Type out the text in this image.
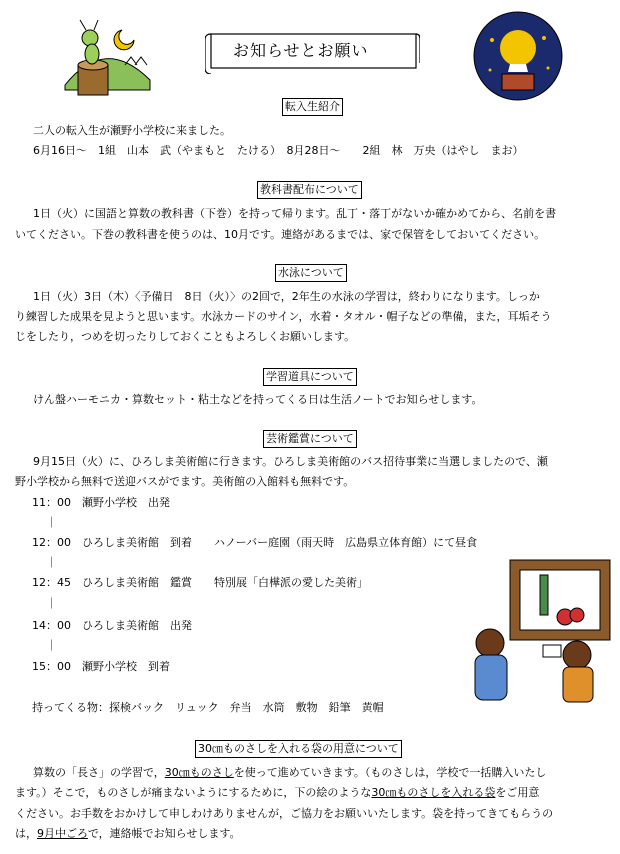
お知らせとお願い
転入生紹介
二人の転入生が瀬野小学校に来ました。
6月16日～　1組　山本　武（やまもと　たける）　8月28日～　　2組　林　万央（はやし　まお）
教科書配布について
1日（火）に国語と算数の教科書（下巻）を持って帰ります。乱丁・落丁がないか確かめてから、名前を書
いてください。下巻の教科書を使うのは、10月です。連絡があるまでは、家で保管をしておいてください。
水泳について
1日（火）3日（木）〈予備日　8日（火）〉の2回で，2年生の水泳の学習は，終わりになります。しっか
り練習した成果を見ようと思います。水泳カードのサイン，水着・タオル・帽子などの準備，また，耳垢そう
じをしたり，つめを切ったりしておくこともよろしくお願いします。
学習道具について
けん盤ハーモニカ・算数セット・粘土などを持ってくる日は生活ノートでお知らせします。
芸術鑑賞について
9月15日（火）に、ひろしま美術館に行きます。ひろしま美術館のバス招待事業に当選しましたので、瀬
野小学校から無料で送迎バスがでます。美術館の入館料も無料です。
11：00　瀬野小学校　出発
｜
12：00　ひろしま美術館　到着　　ハノーバー庭園（雨天時　広島県立体育館）にて昼食
｜
12：45　ひろしま美術館　鑑賞　　特別展「白樺派の愛した美術」
｜
14：00　ひろしま美術館　出発
｜
15：00　瀬野小学校　到着
持ってくる物：探検バック　リュック　弁当　水筒　敷物　鉛筆　黄帽
30㎝ものさしを入れる袋の用意について
算数の「長さ」の学習で，30㎝ものさしを使って進めていきます。（ものさしは，学校で一括購入いたし
ます。）そこで，ものさしが痛まないようにするために，下の絵のような30㎝ものさしを入れる袋をご用意
ください。お手数をおかけして申しわけありませんが，ご協力をお願いいたします。袋を持ってきてもらうの
は，9月中ごろで，連絡帳でお知らせします。
